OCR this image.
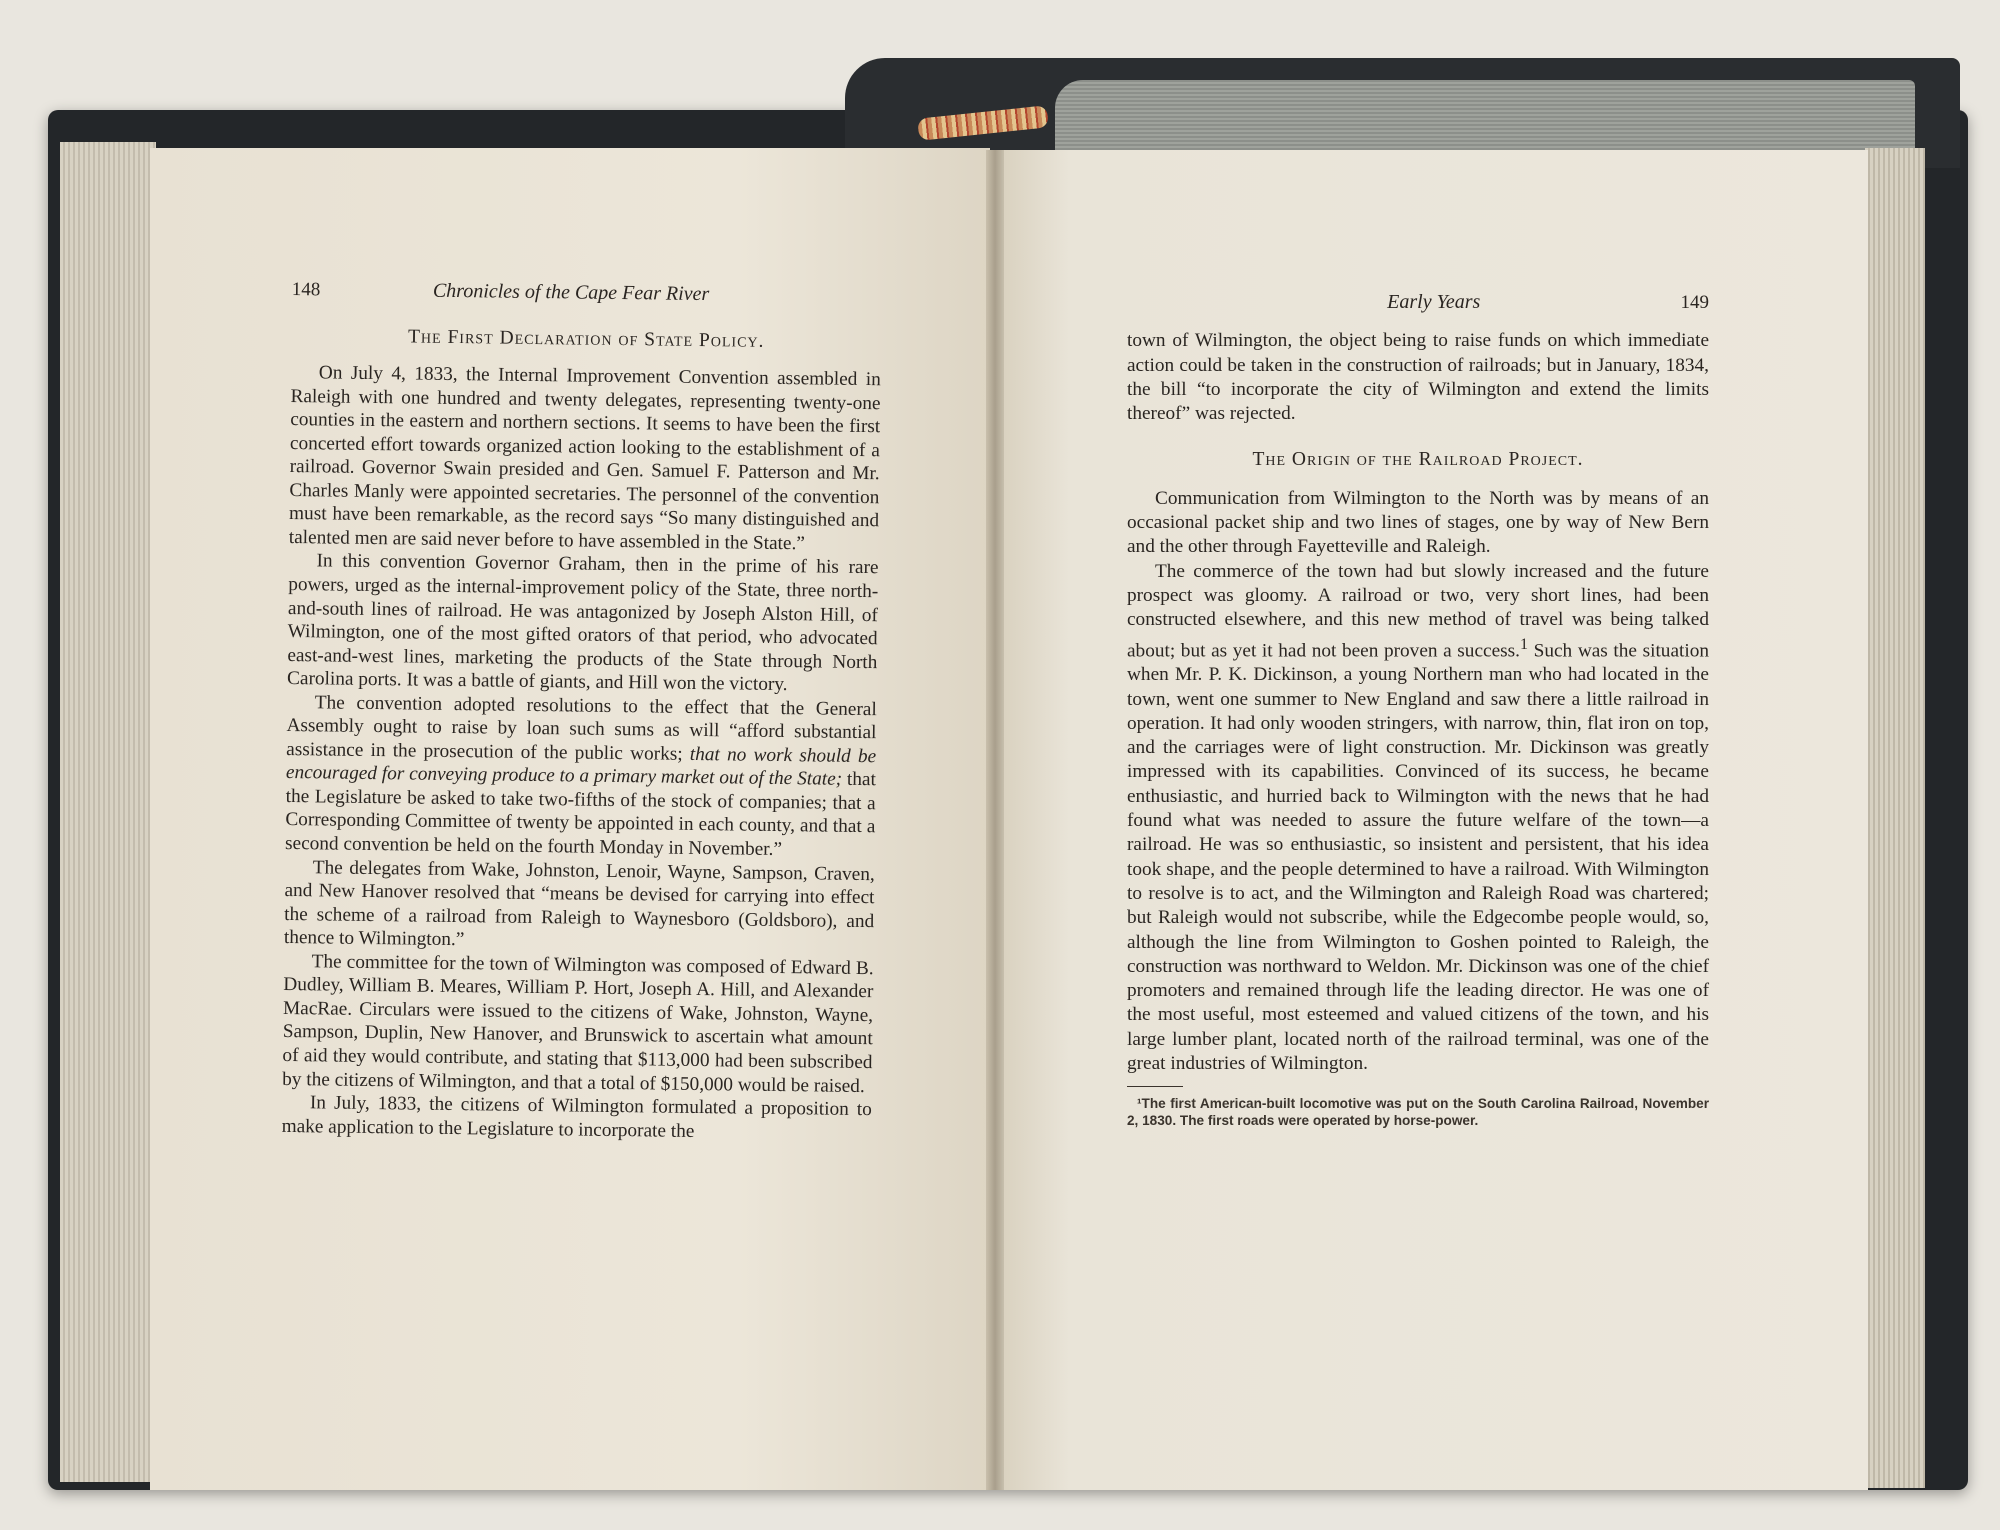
148	Chronicles of the Cape Fear River
The First Declaration of State Policy.

On July 4, 1833, the Internal Improvement Convention assembled in Raleigh with one hundred and twenty delegates, representing twenty-one counties in the eastern and northern sections. It seems to have been the first concerted effort towards organized action looking to the establishment of a railroad. Governor Swain presided and Gen. Samuel F. Patterson and Mr. Charles Manly were appointed secretaries. The personnel of the convention must have been remarkable, as the record says “So many distinguished and talented men are said never before to have assembled in the State.”

In this convention Governor Graham, then in the prime of his rare powers, urged as the internal-improvement policy of the State, three north-and-south lines of railroad. He was antagonized by Joseph Alston Hill, of Wilmington, one of the most gifted orators of that period, who advocated east-and-west lines, marketing the products of the State through North Carolina ports. It was a battle of giants, and Hill won the victory.

The convention adopted resolutions to the effect that the General Assembly ought to raise by loan such sums as will “afford substantial assistance in the prosecution of the public works; that no work should be encouraged for conveying produce to a primary market out of the State; that the Legislature be asked to take two-fifths of the stock of companies; that a Corresponding Committee of twenty be appointed in each county, and that a second convention be held on the fourth Monday in November.”

The delegates from Wake, Johnston, Lenoir, Wayne, Sampson, Craven, and New Hanover resolved that “means be devised for carrying into effect the scheme of a railroad from Raleigh to Waynesboro (Goldsboro), and thence to Wilmington.”

The committee for the town of Wilmington was composed of Edward B. Dudley, William B. Meares, William P. Hort, Joseph A. Hill, and Alexander MacRae. Circulars were issued to the citizens of Wake, Johnston, Wayne, Sampson, Duplin, New Hanover, and Brunswick to ascertain what amount of aid they would contribute, and stating that $113,000 had been subscribed by the citizens of Wilmington, and that a total of $150,000 would be raised.

In July, 1833, the citizens of Wilmington formulated a proposition to make application to the Legislature to incorporate the

Early Years	149

town of Wilmington, the object being to raise funds on which immediate action could be taken in the construction of railroads; but in January, 1834, the bill “to incorporate the city of Wilmington and extend the limits thereof” was rejected.

The Origin of the Railroad Project.

Communication from Wilmington to the North was by means of an occasional packet ship and two lines of stages, one by way of New Bern and the other through Fayetteville and Raleigh.

The commerce of the town had but slowly increased and the future prospect was gloomy. A railroad or two, very short lines, had been constructed elsewhere, and this new method of travel was being talked about; but as yet it had not been proven a success.$^1$ Such was the situation when Mr. P. K. Dickinson, a young Northern man who had located in the town, went one summer to New England and saw there a little railroad in operation. It had only wooden stringers, with narrow, thin, flat iron on top, and the carriages were of light construction. Mr. Dickinson was greatly impressed with its capabilities. Convinced of its success, he became enthusiastic, and hurried back to Wilmington with the news that he had found what was needed to assure the future welfare of the town—a railroad. He was so enthusiastic, so insistent and persistent, that his idea took shape, and the people determined to have a railroad. With Wilmington to resolve is to act, and the Wilmington and Raleigh Road was chartered; but Raleigh would not subscribe, while the Edgecombe people would, so, although the line from Wilmington to Goshen pointed to Raleigh, the construction was northward to Weldon. Mr. Dickinson was one of the chief promoters and remained through life the leading director. He was one of the most useful, most esteemed and valued citizens of the town, and his large lumber plant, located north of the railroad terminal, was one of the great industries of Wilmington.

¹The first American-built locomotive was put on the South Carolina Railroad, November 2, 1830. The first roads were operated by horse-power.
